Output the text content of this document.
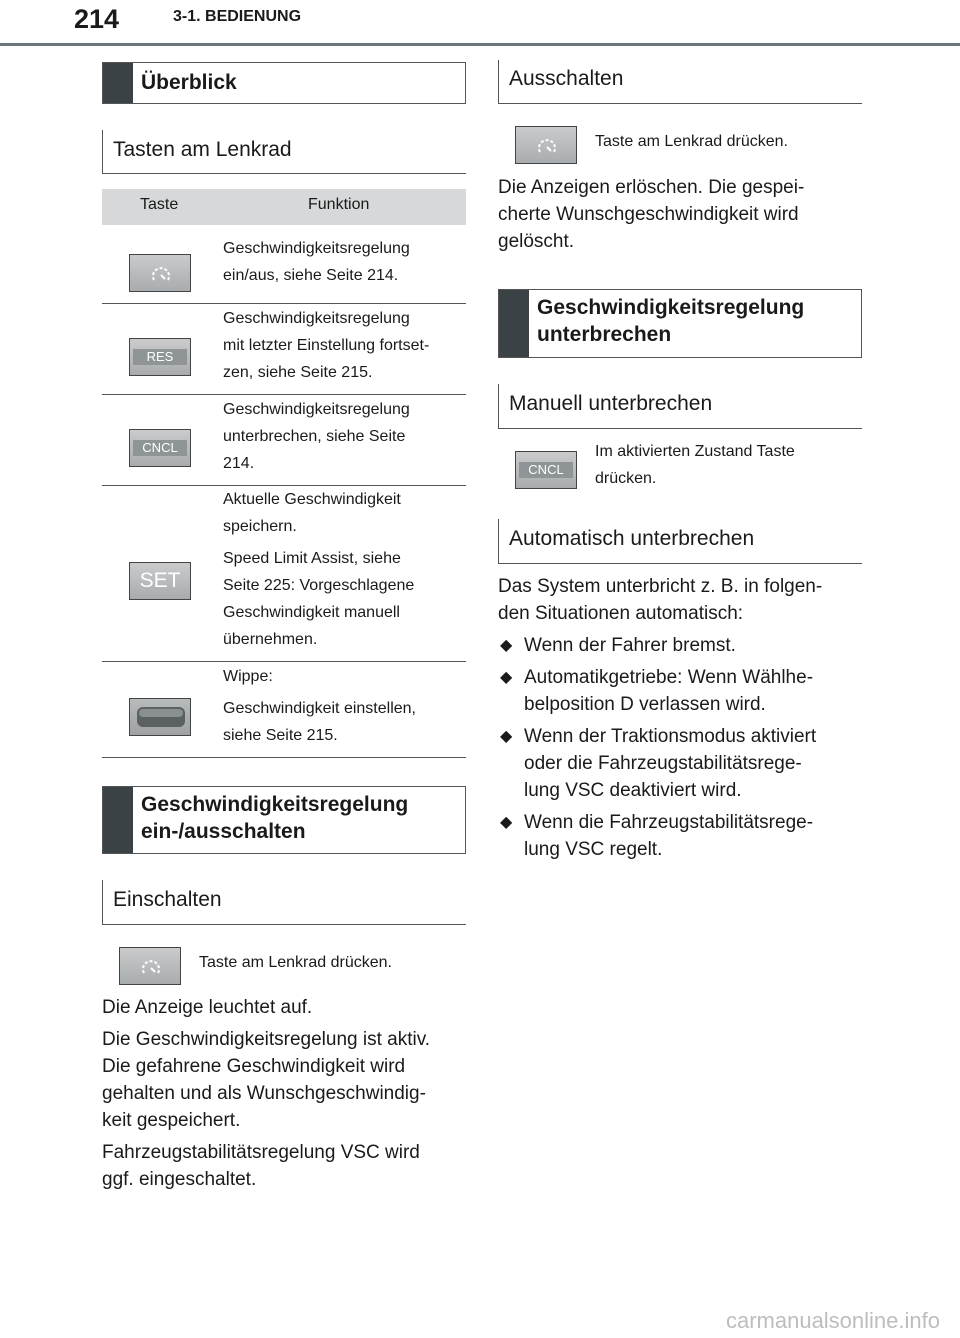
214	3-1. BEDIENUNG
Überblick
Tasten am Lenkrad
Taste	Funktion
Geschwindigkeitsregelung
ein/aus, siehe Seite 214.
RES
Geschwindigkeitsregelung
mit letzter Einstellung fortset-
zen, siehe Seite 215.
CNCL
Geschwindigkeitsregelung
unterbrechen, siehe Seite
214.
SET
Aktuelle Geschwindigkeit
speichern.
Speed Limit Assist, siehe
Seite 225: Vorgeschlagene
Geschwindigkeit manuell
übernehmen.
Wippe:
Geschwindigkeit einstellen,
siehe Seite 215.
Geschwindigkeitsregelung
ein-/ausschalten
Einschalten
Taste am Lenkrad drücken.

Die Anzeige leuchtet auf.

Die Geschwindigkeitsregelung ist aktiv.
Die gefahrene Geschwindigkeit wird
gehalten und als Wunschgeschwindig-
keit gespeichert.

Fahrzeugstabilitätsregelung VSC wird
ggf. eingeschaltet.

Ausschalten
Taste am Lenkrad drücken.
Die Anzeigen erlöschen. Die gespei-
cherte Wunschgeschwindigkeit wird
gelöscht.
Geschwindigkeitsregelung
unterbrechen
Manuell unterbrechen
CNCL
Im aktivierten Zustand Taste
drücken.
Automatisch unterbrechen
Das System unterbricht z. B. in folgen-
den Situationen automatisch:
◆ Wenn der Fahrer bremst.
◆ Automatikgetriebe: Wenn Wählhe-
belposition D verlassen wird.
◆ Wenn der Traktionsmodus aktiviert
oder die Fahrzeugstabilitätsrege-
lung VSC deaktiviert wird.
◆ Wenn die Fahrzeugstabilitätsrege-
lung VSC regelt.
carmanualsonline.info
